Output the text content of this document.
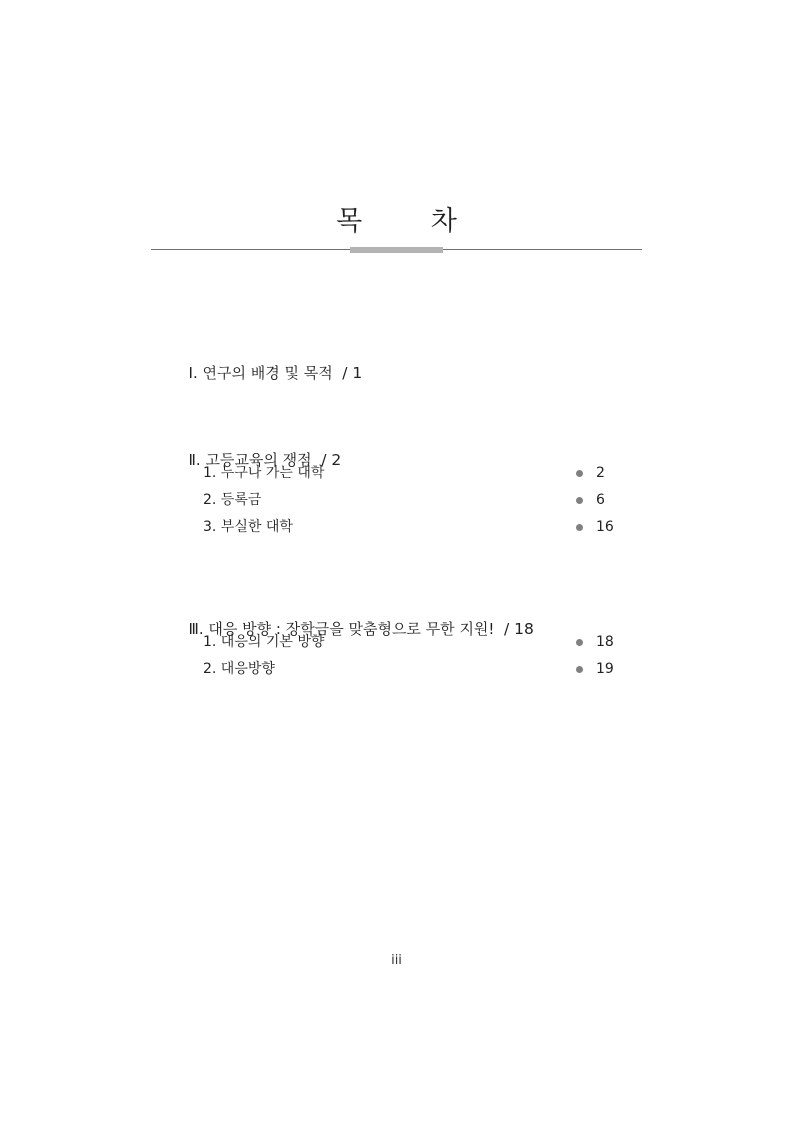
목 차

Ⅰ. 연구의 배경 및 목적 / 1

Ⅱ. 고등교육의 쟁점 / 2

1. 누구나 가는 대학	2
2. 등록금	6
3. 부실한 대학	16

Ⅲ. 대응 방향 : 장학금을 맞춤형으로 무한 지원! / 18

1. 대응의 기본 방향	18
2. 대응방향	19
iii
